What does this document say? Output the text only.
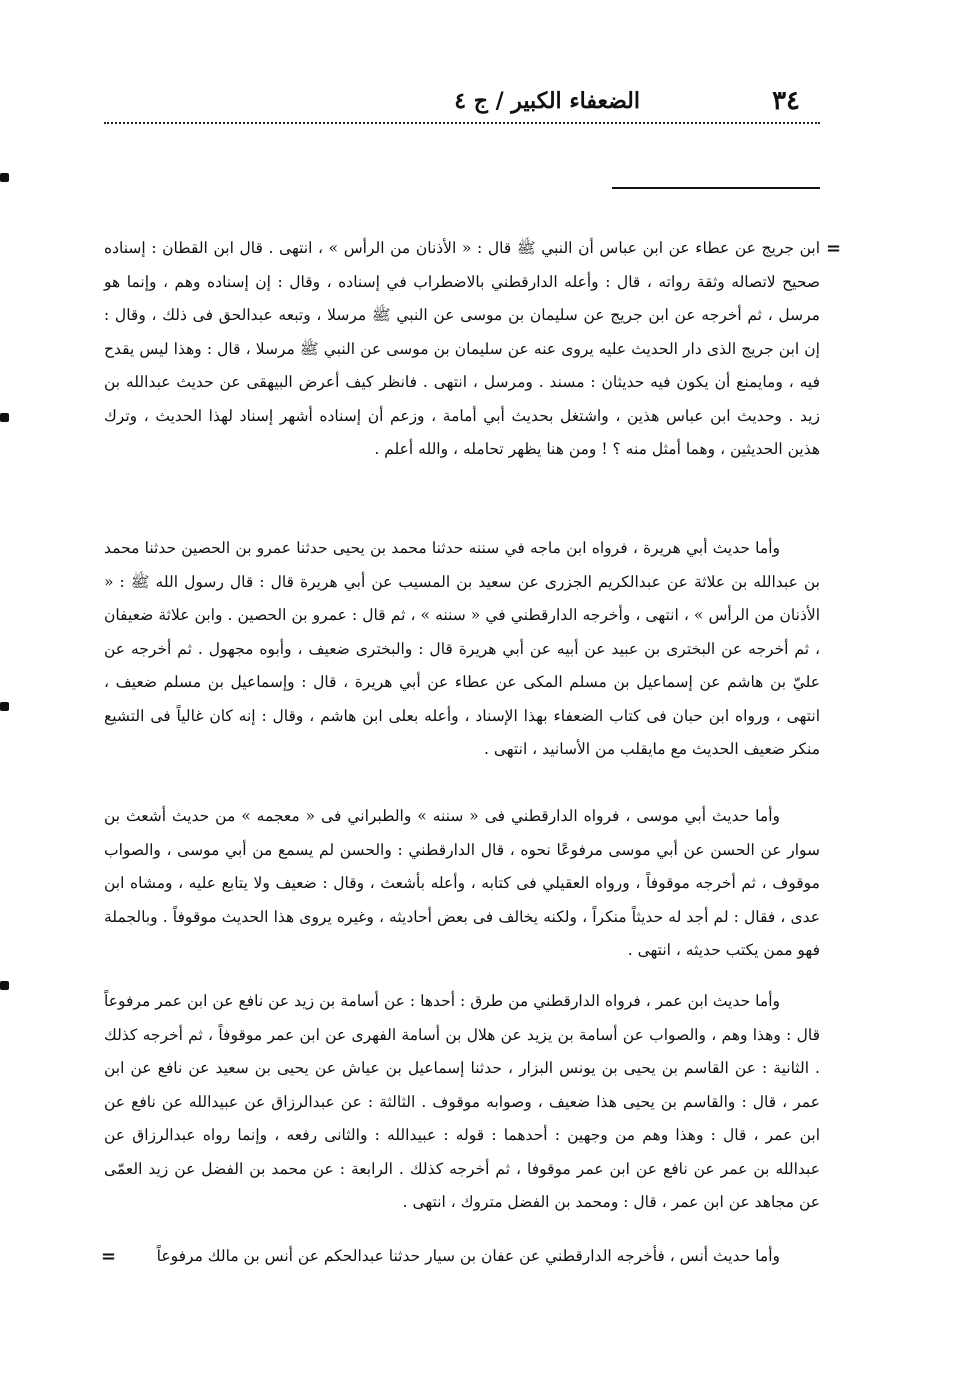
٣٤
الضعفاء الكبير / ج ٤
=

ابن جريج عن عطاء عن ابن عباس أن النبي ﷺ قال : « الأذنان من الرأس » ، انتهى . قال ابن القطان : إسناده صحيح لاتصاله وثقة رواته ، قال : وأعله الدارقطني بالاضطراب في إسناده ، وقال : إن إسناده وهم ، وإنما هو مرسل ، ثم أخرجه عن ابن جريج عن سليمان بن موسى عن النبي ﷺ مرسلا ، وتبعه عبدالحق فى ذلك ، وقال : إن ابن جريج الذى دار الحديث عليه يروى عنه عن سليمان بن موسى عن النبي ﷺ مرسلا ، قال : وهذا ليس يقدح فيه ، ومايمنع أن يكون فيه حديثان : مسند . ومرسل ، انتهى . فانظر كيف أعرض البيهقى عن حديث عبدالله بن زيد . وحديث ابن عباس هذين ، واشتغل بحديث أبي أمامة ، وزعم أن إسناده أشهر إسناد لهذا الحديث ، وترك هذين الحديثين ، وهما أمثل منه ؟ ! ومن هنا يظهر تحامله ، والله أعلم .

وأما حديث أبي هريرة ، فرواه ابن ماجه في سننه حدثنا محمد بن يحيى حدثنا عمرو بن الحصين حدثنا محمد بن عبدالله بن علاثة عن عبدالكريم الجزرى عن سعيد بن المسيب عن أبي هريرة قال : قال رسول الله ﷺ : « الأذنان من الرأس » ، انتهى ، وأخرجه الدارقطني في « سننه » ، ثم قال : عمرو بن الحصين . وابن علاثة ضعيفان ، ثم أخرجه عن البخترى بن عبيد عن أبيه عن أبي هريرة قال : والبخترى ضعيف ، وأبوه مجهول . ثم أخرجه عن عليّ بن هاشم عن إسماعيل بن مسلم المكى عن عطاء عن أبي هريرة ، قال : وإسماعيل بن مسلم ضعيف ، انتهى ، ورواه ابن حبان فى كتاب الضعفاء بهذا الإسناد ، وأعله بعلى ابن هاشم ، وقال : إنه كان غالياً فى التشيع منكر ضعيف الحديث مع مايقلب من الأسانيد ، انتهى .

وأما حديث أبي موسى ، فرواه الدارقطني فى « سننه » والطبراني فى « معجمه » من حديث أشعث بن سوار عن الحسن عن أبي موسى مرفوعًا نحوه ، قال الدارقطني : والحسن لم يسمع من أبي موسى ، والصواب موقوف ، ثم أخرجه موقوفاً ، ورواه العقيلي فى كتابه ، وأعله بأشعث ، وقال : ضعيف ولا يتابع عليه ، ومشاه ابن عدى ، فقال : لم أجد له حديثاً منكراً ، ولكنه يخالف فى بعض أحاديثه ، وغيره يروى هذا الحديث موقوفاً . وبالجملة فهو ممن يكتب حديثه ، انتهى .

وأما حديث ابن عمر ، فرواه الدارقطني من طرق : أحدها : عن أسامة بن زيد عن نافع عن ابن عمر مرفوعاً قال : وهذا وهم ، والصواب عن أسامة بن يزيد عن هلال بن أسامة الفهرى عن ابن عمر موقوفاً ، ثم أخرجه كذلك . الثانية : عن القاسم بن يحيى بن يونس البزار ، حدثنا إسماعيل بن عياش عن يحيى بن سعيد عن نافع عن ابن عمر ، قال : والقاسم بن يحيى هذا ضعيف ، وصوابه موقوف . الثالثة : عن عبدالرزاق عن عبيدالله عن نافع عن ابن عمر ، قال : وهذا وهم من وجهين : أحدهما : قوله : عبيدالله : والثانى رفعه ، وإنما رواه عبدالرزاق عن عبدالله بن عمر عن نافع عن ابن عمر موقوفا ، ثم أخرجه كذلك . الرابعة : عن محمد بن الفضل عن زيد العمّى عن مجاهد عن ابن عمر ، قال : ومحمد بن الفضل متروك ، انتهى .

وأما حديث أنس ، فأخرجه الدارقطني عن عفان بن سيار حدثنا عبدالحكم عن أنس بن مالك مرفوعاً

=
